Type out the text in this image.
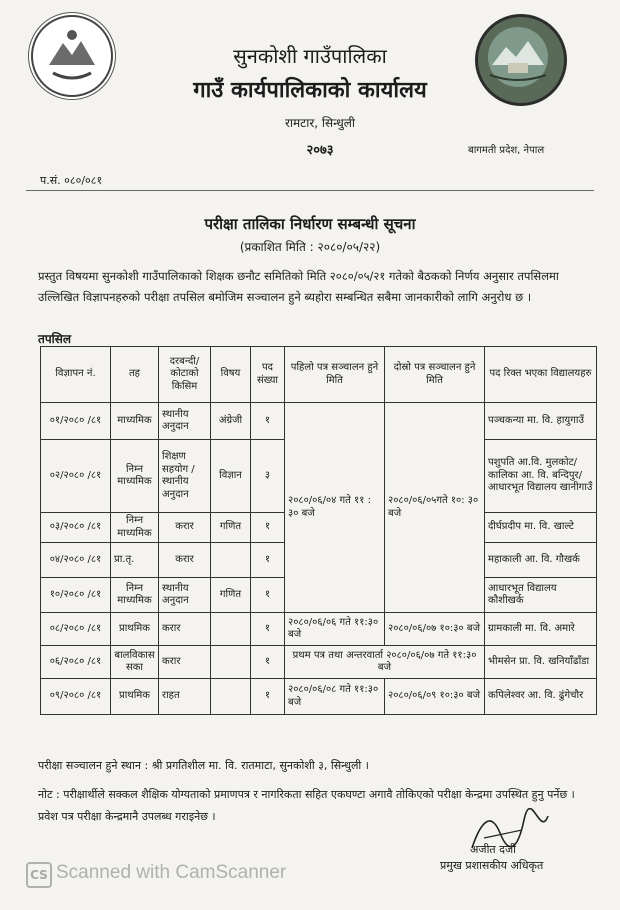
सुनकोशी गाउँपालिका
गाउँ कार्यपालिकाको कार्यालय
रामटार, सिन्धुली
२०७३	बागमती प्रदेश, नेपाल
प.सं. ०८०/०८१
परीक्षा तालिका निर्धारण सम्बन्धी सूचना
(प्रकाशित मिति : २०८०/०५/२२)
प्रस्तुत विषयमा सुनकोशी गाउँपालिकाको शिक्षक छनौट समितिको मिति २०८०/०५/२१ गतेको बैठकको निर्णय अनुसार तपसिलमा उल्लिखित विज्ञापनहरुको परीक्षा तपसिल बमोजिम सञ्चालन हुने ब्यहोरा सम्बन्धित सबैमा जानकारीको लागि अनुरोध छ ।
तपसिल
विज्ञापन नं.	तह	दरबन्दी/ कोटाको किसिम	विषय	पद संख्या	पहिलो पत्र सञ्चालन हुने मिति	दोस्रो पत्र सञ्चालन हुने मिति	पद रिक्त भएका विद्यालयहरु
०१/२०८० /८१	माध्यमिक	स्थानीय अनुदान	अंग्रेजी	१	२०८०/०६/०४ गते ११ : ३० बजे	२०८०/०६/०५गते १०: ३० बजे	पञ्चकन्या मा. वि. हायुगाउँ
०२/२०८० /८१	निम्न माध्यमिक	शिक्षण सहयोग /स्थानीय अनुदान	विज्ञान	३			पशुपति आ.वि. मुलकोट/कालिका आ. वि. बन्दिपुर/ आधारभूत विद्यालय खानीगाउँ
०३/२०८० /८१	निम्न माध्यमिक	करार	गणित	१			दीर्घप्रदीप मा. वि. खाल्टे
०४/२०८० /८१	प्रा.तृ.	करार		१			महाकाली आ. वि. गौखर्क
१०/२०८० /८१	निम्न माध्यमिक	स्थानीय अनुदान	गणित	१			आधारभूत विद्यालय कौशीखर्क
०८/२०८० /८१	प्राथमिक	करार		१	२०८०/०६/०६ गते ११:३० बजे	२०८०/०६/०७ १०:३० बजे	ग्रामकाली मा. वि. अमारे
०६/२०८० /८१	बालविकास सका	करार		१	प्रथम पत्र तथा अन्तरवार्ता २०८०/०६/०७ गते ११:३० बजे		भीमसेन प्रा. वि. खनियाँढाँडा
०९/२०८० /८१	प्राथमिक	राहत		१	२०८०/०६/०८ गते ११:३० बजे	२०८०/०६/०९ १०:३० बजे	कपिलेश्वर आ. वि. ढुंगेचौर
परीक्षा सञ्चालन हुने स्थान : श्री प्रगतिशील मा. वि. रातमाटा, सुनकोशी ३, सिन्धुली ।
नोट : परीक्षार्थीले सक्कल शैक्षिक योग्यताको प्रमाणपत्र र नागरिकता सहित एकघण्टा अगावै तोकिएको परीक्षा केन्द्रमा उपस्थित हुनु पर्नेछ । प्रवेश पत्र परीक्षा केन्द्रमानै उपलब्ध गराइनेछ ।
अजीत दर्जी
प्रमुख प्रशासकीय अधिकृत
CS Scanned with CamScanner
